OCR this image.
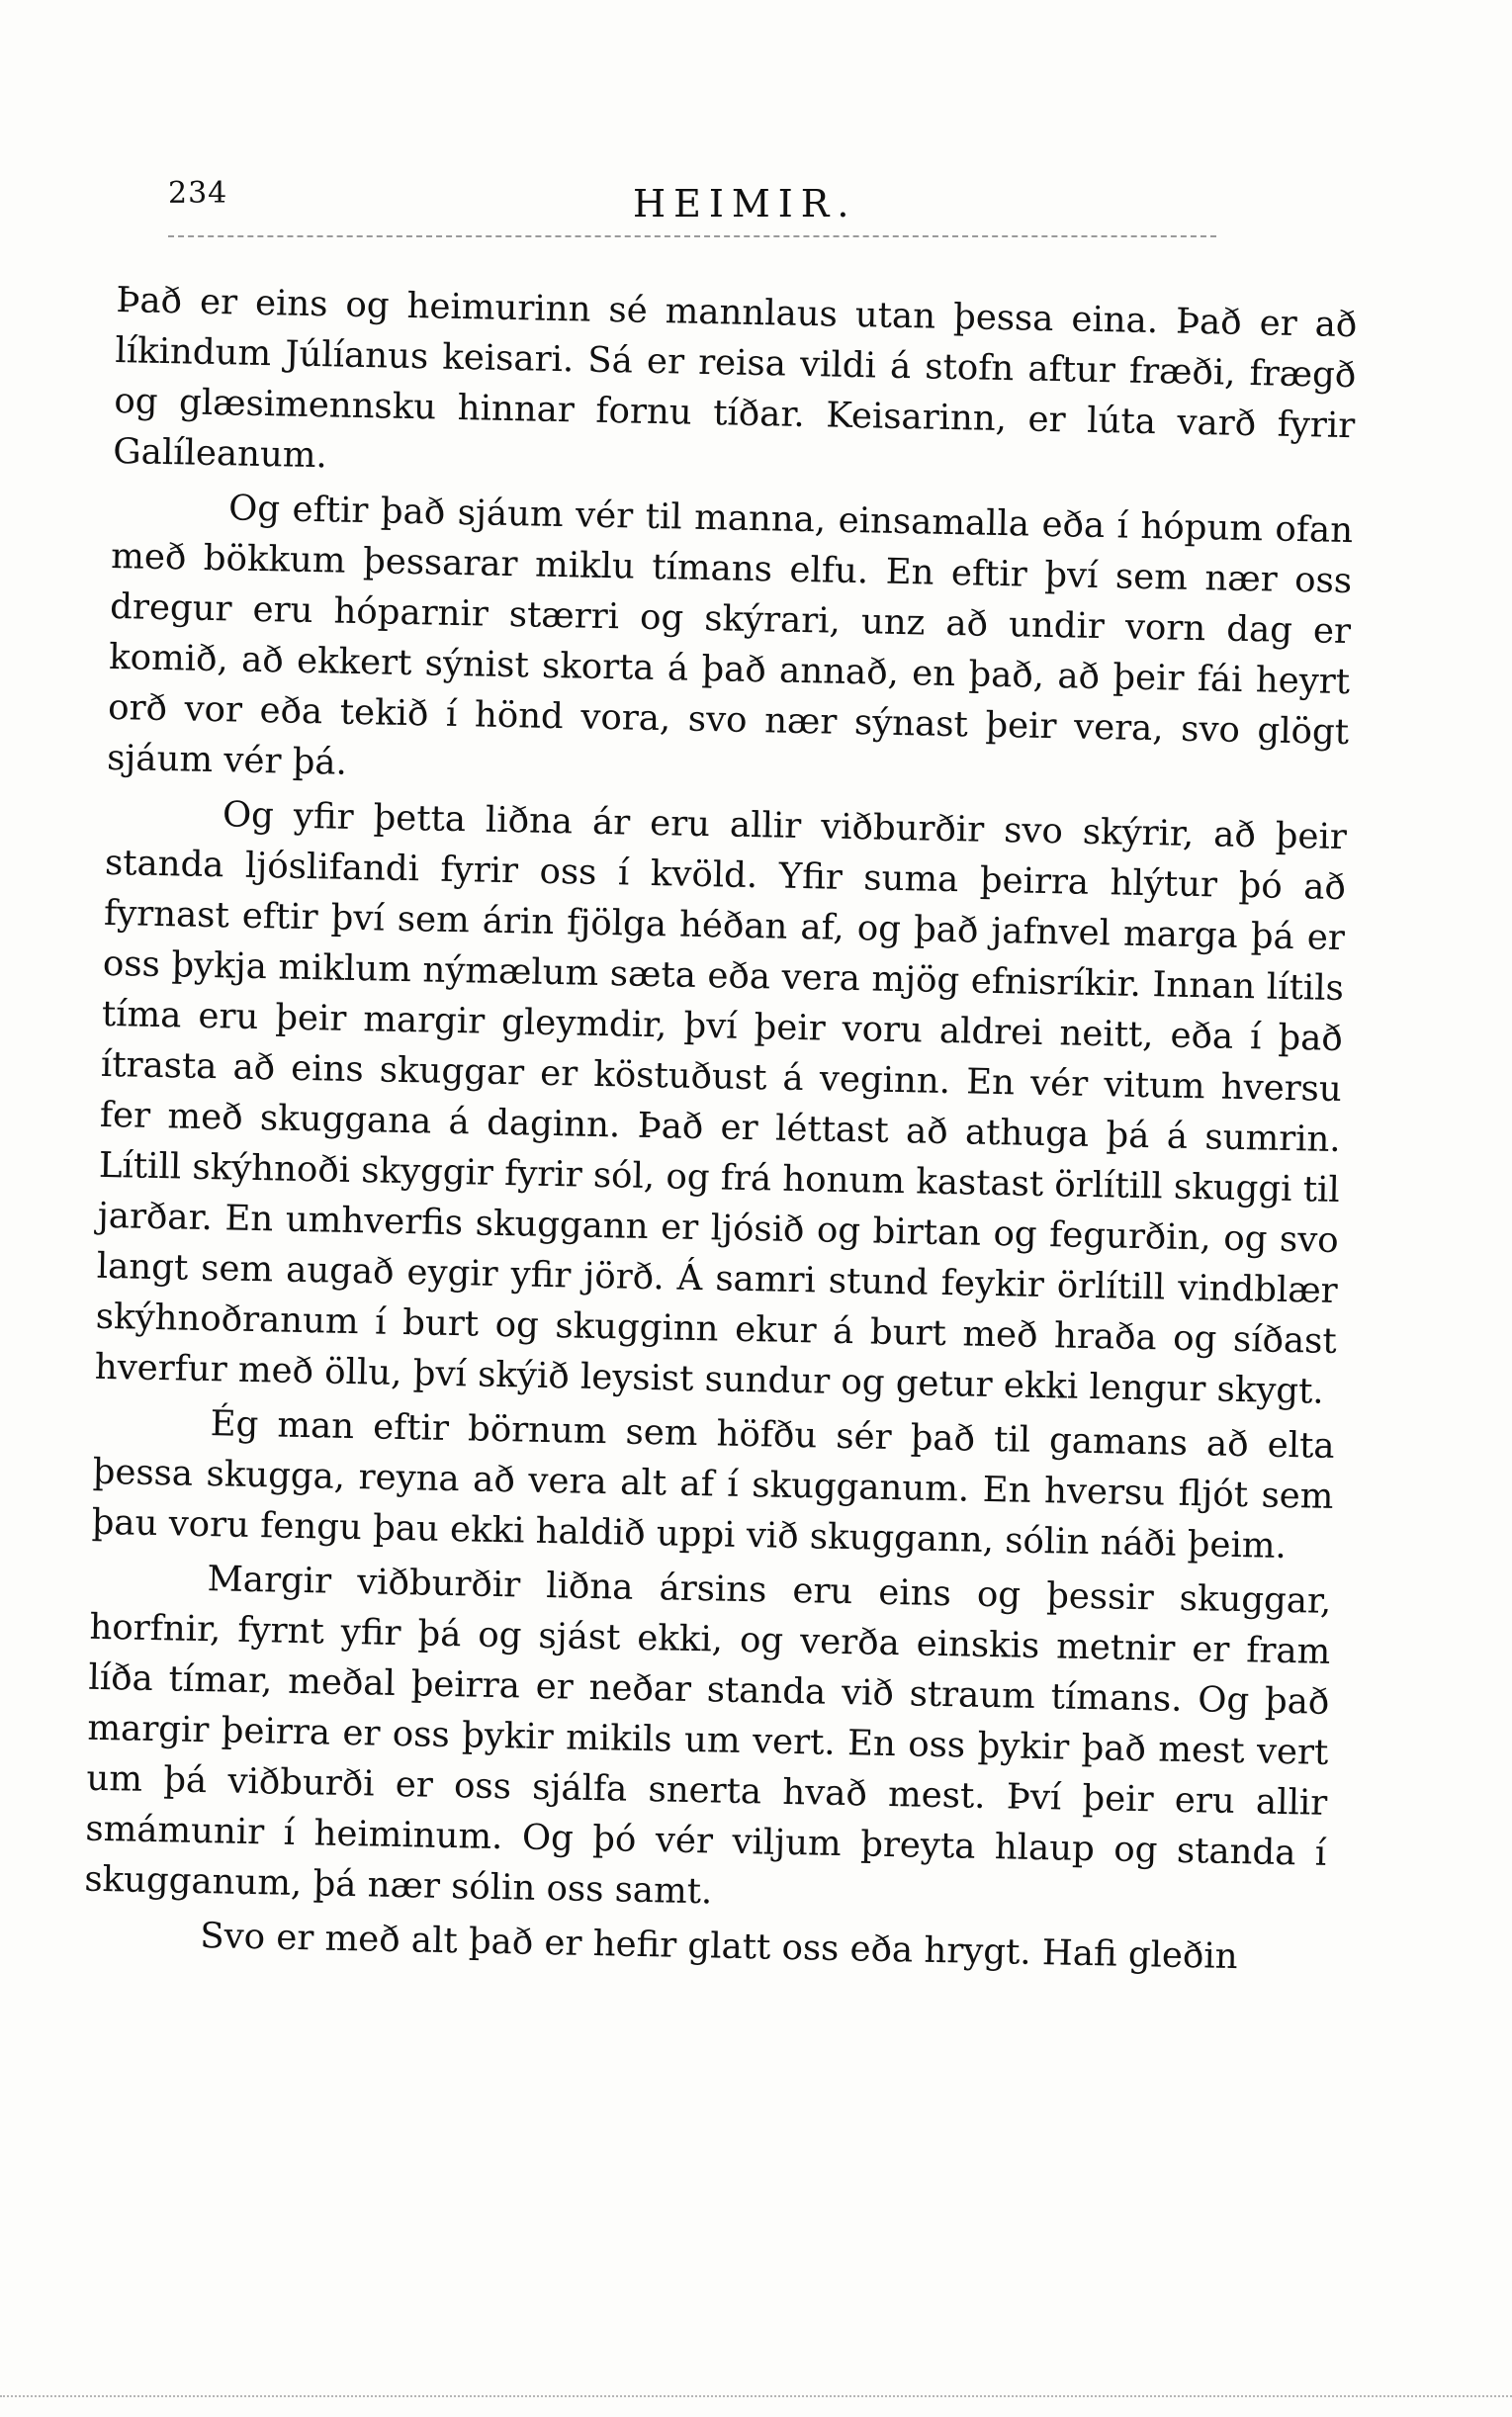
234	HEIMIR.

Það er eins og heimurinn sé mannlaus utan þessa eina. Það er að líkindum Júlíanus keisari. Sá er reisa vildi á stofn aftur fræði, frægð og glæsimennsku hinnar fornu tíðar. Keisarinn, er lúta varð fyrir Galíleanum.

Og eftir það sjáum vér til manna, einsamalla eða í hópum ofan með bökkum þessarar miklu tímans elfu. En eftir því sem nær oss dregur eru hóparnir stærri og skýrari, unz að undir vorn dag er komið, að ekkert sýnist skorta á það annað, en það, að þeir fái heyrt orð vor eða tekið í hönd vora, svo nær sýnast þeir vera, svo glögt sjáum vér þá.

Og yfir þetta liðna ár eru allir viðburðir svo skýrir, að þeir standa ljóslifandi fyrir oss í kvöld. Yfir suma þeirra hlýtur þó að fyrnast eftir því sem árin fjölga héðan af, og það jafnvel marga þá er oss þykja miklum nýmælum sæta eða vera mjög efnisríkir. Innan lítils tíma eru þeir margir gleymdir, því þeir voru aldrei neitt, eða í það ítrasta að eins skuggar er köstuðust á veginn. En vér vitum hversu fer með skuggana á daginn. Það er léttast að athuga þá á sumrin. Lítill skýhnoði skyggir fyrir sól, og frá honum kastast örlítill skuggi til jarðar. En umhverfis skuggann er ljósið og birtan og fegurðin, og svo langt sem augað eygir yfir jörð. Á samri stund feykir örlítill vindblær skýhnoðranum í burt og skugginn ekur á burt með hraða og síðast hverfur með öllu, því skýið leysist sundur og getur ekki lengur skygt.

Ég man eftir börnum sem höfðu sér það til gamans að elta þessa skugga, reyna að vera alt af í skugganum. En hversu fljót sem þau voru fengu þau ekki haldið uppi við skuggann, sólin náði þeim.

Margir viðburðir liðna ársins eru eins og þessir skuggar, horfnir, fyrnt yfir þá og sjást ekki, og verða einskis metnir er fram líða tímar, meðal þeirra er neðar standa við straum tímans. Og það margir þeirra er oss þykir mikils um vert. En oss þykir það mest vert um þá viðburði er oss sjálfa snerta hvað mest. Því þeir eru allir smámunir í heiminum. Og þó vér viljum þreyta hlaup og standa í skugganum, þá nær sólin oss samt.

Svo er með alt það er hefir glatt oss eða hrygt. Hafi gleðin
